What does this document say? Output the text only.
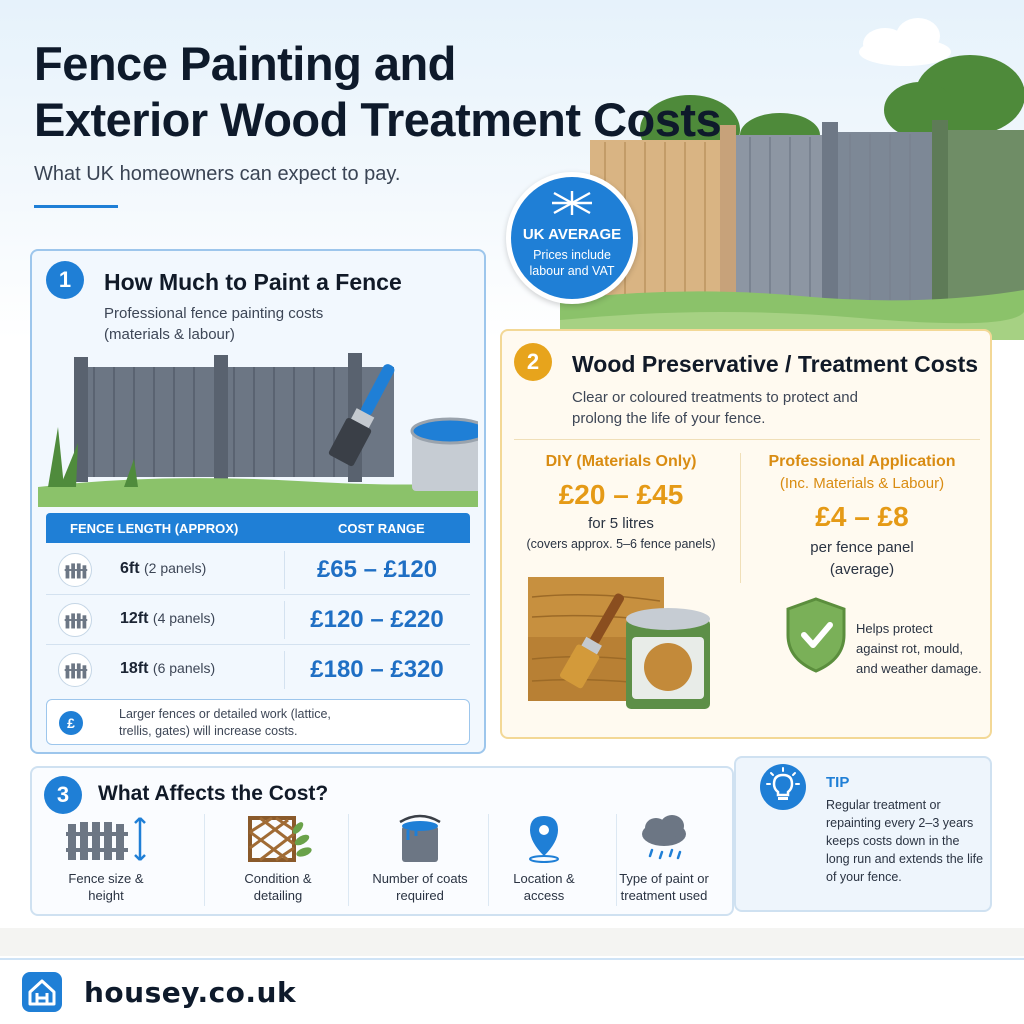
Fence Painting and
Exterior Wood Treatment Costs
What UK homeowners can expect to pay.
UK AVERAGE
Prices include
labour and VAT
1	How Much to Paint a Fence
Professional fence painting costs
(materials & labour)
FENCE LENGTH (APPROX)	COST RANGE
6ft (2 panels)	£65 – £120
12ft (4 panels)	£120 – £220
18ft (6 panels)	£180 – £320
£
Larger fences or detailed work (lattice,
trellis, gates) will increase costs.
2	Wood Preservative / Treatment Costs
Clear or coloured treatments to protect and
prolong the life of your fence.
DIY (Materials Only)
£20 – £45
for 5 litres
(covers approx. 5–6 fence panels)
Professional Application
(Inc. Materials & Labour)
£4 – £8
per fence panel
(average)
Helps protect
against rot, mould,
and weather damage.
3	What Affects the Cost?
Fence size &
height
Condition &
detailing
Number of coats
required
Location &
access
Type of paint or
treatment used
TIP
Regular treatment or repainting every 2–3 years keeps costs down in the long run and extends the life of your fence.
housey.co.uk
